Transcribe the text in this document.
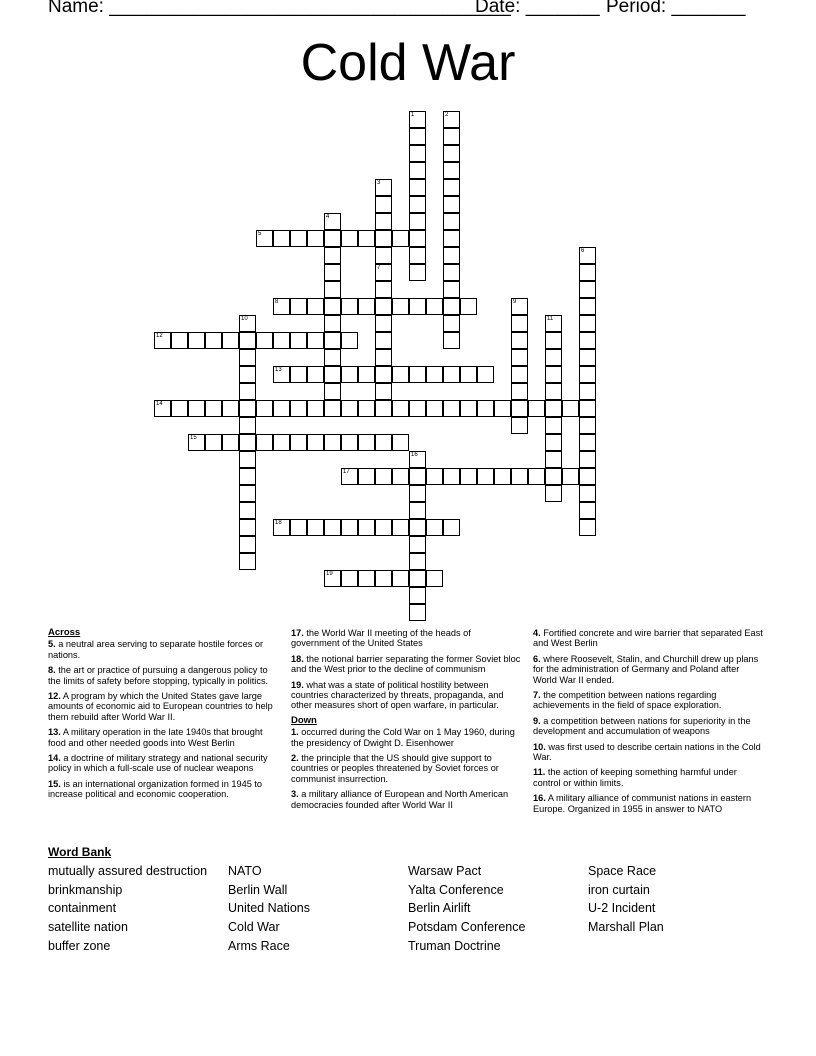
Name: ______________________________________
Date: _______ Period: _______
Cold War
1	2
3
4
5
6
7
8	9
10	11
12
13
14
15
16
17
18
19
Across

5. a neutral area serving to separate hostile forces or nations.

8. the art or practice of pursuing a dangerous policy to the limits of safety before stopping, typically in politics.

12. A program by which the United States gave large amounts of economic aid to European countries to help them rebuild after World War II.

13. A military operation in the late 1940s that brought food and other needed goods into West Berlin

14. a doctrine of military strategy and national security policy in which a full-scale use of nuclear weapons

15. is an international organization formed in 1945 to increase political and economic cooperation.

17. the World War II meeting of the heads of government of the United States

18. the notional barrier separating the former Soviet bloc and the West prior to the decline of communism

19. what was a state of political hostility between countries characterized by threats, propaganda, and other measures short of open warfare, in particular.

Down

1. occurred during the Cold War on 1 May 1960, during the presidency of Dwight D. Eisenhower

2. the principle that the US should give support to countries or peoples threatened by Soviet forces or communist insurrection.

3. a military alliance of European and North American democracies founded after World War II

4. Fortified concrete and wire barrier that separated East and West Berlin

6. where Roosevelt, Stalin, and Churchill drew up plans for the administration of Germany and Poland after World War II ended.

7. the competition between nations regarding achievements in the field of space exploration.

9. a competition between nations for superiority in the development and accumulation of weapons

10. was first used to describe certain nations in the Cold War.

11. the action of keeping something harmful under control or within limits.

16. A military alliance of communist nations in eastern Europe. Organized in 1955 in answer to NATO

Word Bank
mutually assured destruction
brinkmanship
containment
satellite nation
buffer zone
NATO
Berlin Wall
United Nations
Cold War
Arms Race
Warsaw Pact
Yalta Conference
Berlin Airlift
Potsdam Conference
Truman Doctrine
Space Race
iron curtain
U-2 Incident
Marshall Plan
